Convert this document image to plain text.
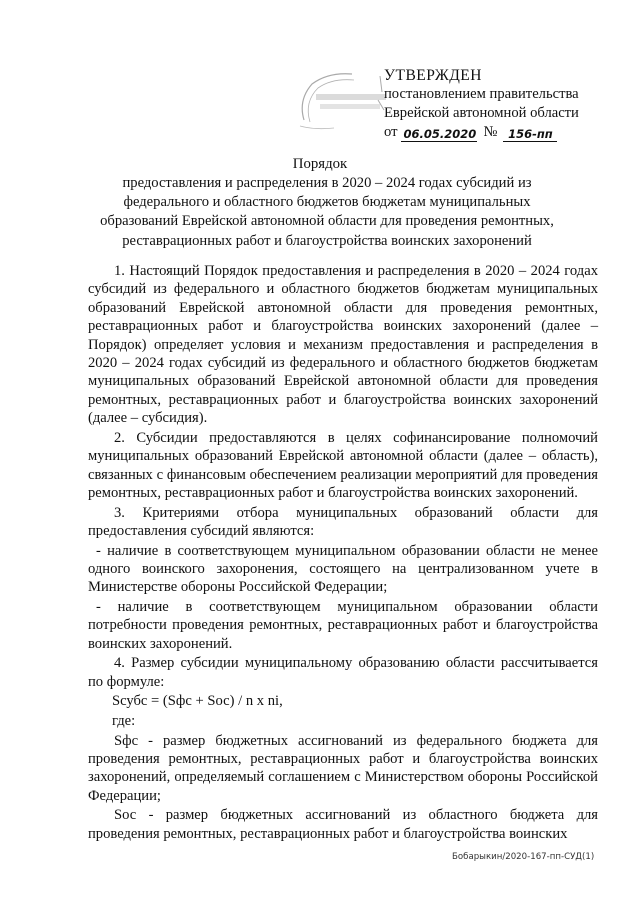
УТВЕРЖДЕН
постановлением правительства
Еврейской автономной области
от 06.05.2020 № 156-пп
Порядок
предоставления и распределения в 2020 – 2024 годах субсидий из федерального и областного бюджетов бюджетам муниципальных образований Еврейской автономной области для проведения ремонтных, реставрационных работ и благоустройства воинских захоронений

1. Настоящий Порядок предоставления и распределения в 2020 – 2024 годах субсидий из федерального и областного бюджетов бюджетам муниципальных образований Еврейской автономной области для проведения ремонтных, реставрационных работ и благоустройства воинских захоронений (далее – Порядок) определяет условия и механизм предоставления и распределения в 2020 – 2024 годах субсидий из федерального и областного бюджетов бюджетам муниципальных образований Еврейской автономной области для проведения ремонтных, реставрационных работ и благоустройства воинских захоронений (далее – субсидия).

2. Субсидии предоставляются в целях софинансирование полномочий муниципальных образований Еврейской автономной области (далее – область), связанных с финансовым обеспечением реализации мероприятий для проведения ремонтных, реставрационных работ и благоустройства воинских захоронений.

3. Критериями отбора муниципальных образований области для предоставления субсидий являются:

- наличие в соответствующем муниципальном образовании области не менее одного воинского захоронения, состоящего на централизованном учете в Министерстве обороны Российской Федерации;

- наличие в соответствующем муниципальном образовании области потребности проведения ремонтных, реставрационных работ и благоустройства воинских захоронений.

4. Размер субсидии муниципальному образованию области рассчитывается по формуле:

Sсубс = (Sфс + Sос) / n x ni,

где:

Sфс - размер бюджетных ассигнований из федерального бюджета для проведения ремонтных, реставрационных работ и благоустройства воинских захоронений, определяемый соглашением с Министерством обороны Российской Федерации;

Sос - размер бюджетных ассигнований из областного бюджета для проведения ремонтных, реставрационных работ и благоустройства воинских

Бобарыкин/2020-167-пп-СУД(1)
